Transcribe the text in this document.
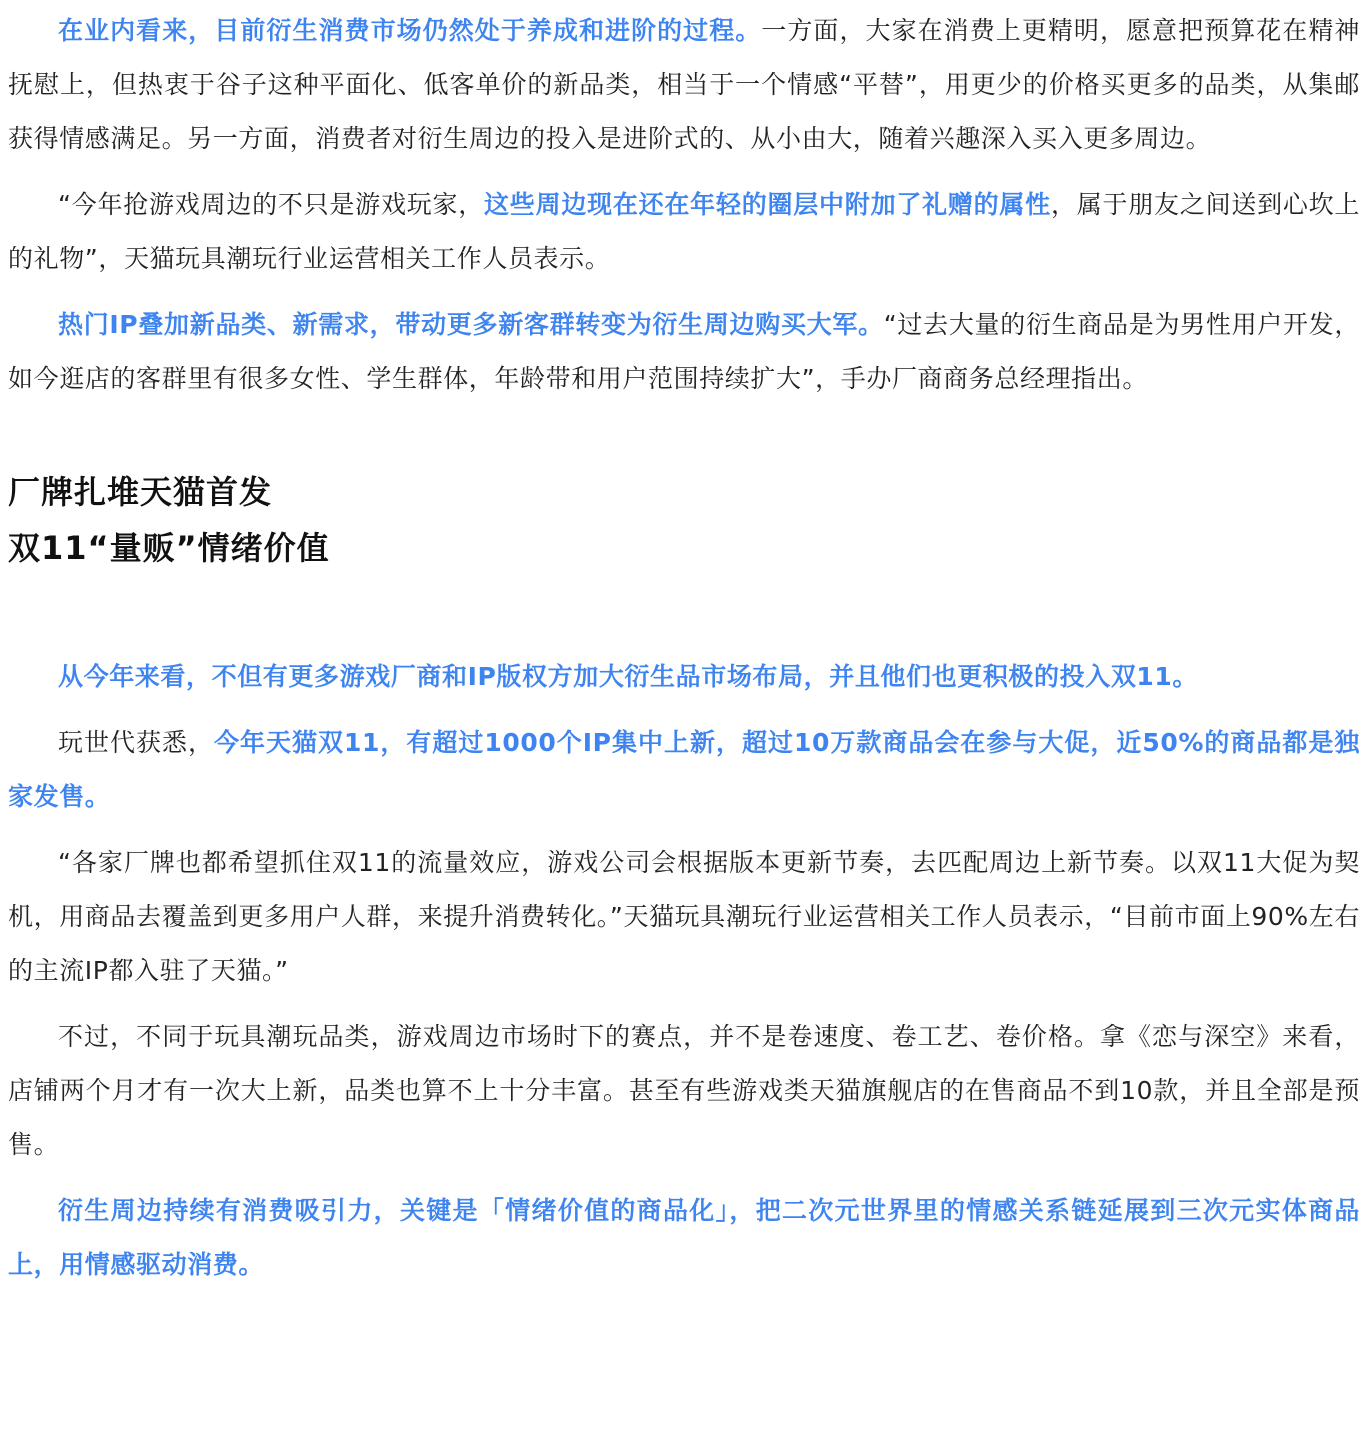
在业内看来，目前衍生消费市场仍然处于养成和进阶的过程。一方面，大家在消费上更精明，愿意把预算花在精神抚慰上，但热衷于谷子这种平面化、低客单价的新品类，相当于一个情感“平替”，用更少的价格买更多的品类，从集邮获得情感满足。另一方面，消费者对衍生周边的投入是进阶式的、从小由大，随着兴趣深入买入更多周边。

“今年抢游戏周边的不只是游戏玩家，这些周边现在还在年轻的圈层中附加了礼赠的属性，属于朋友之间送到心坎上的礼物”，天猫玩具潮玩行业运营相关工作人员表示。

热门IP叠加新品类、新需求，带动更多新客群转变为衍生周边购买大军。“过去大量的衍生商品是为男性用户开发，如今逛店的客群里有很多女性、学生群体，年龄带和用户范围持续扩大”，手办厂商商务总经理指出。

厂牌扎堆天猫首发
双11“量贩”情绪价值

从今年来看，不但有更多游戏厂商和IP版权方加大衍生品市场布局，并且他们也更积极的投入双11。

玩世代获悉，今年天猫双11，有超过1000个IP集中上新，超过10万款商品会在参与大促，近50%的商品都是独家发售。

“各家厂牌也都希望抓住双11的流量效应，游戏公司会根据版本更新节奏，去匹配周边上新节奏。以双11大促为契机，用商品去覆盖到更多用户人群，来提升消费转化。”天猫玩具潮玩行业运营相关工作人员表示，“目前市面上90%左右的主流IP都入驻了天猫。”

不过，不同于玩具潮玩品类，游戏周边市场时下的赛点，并不是卷速度、卷工艺、卷价格。拿《恋与深空》来看，店铺两个月才有一次大上新，品类也算不上十分丰富。甚至有些游戏类天猫旗舰店的在售商品不到10款，并且全部是预售。

衍生周边持续有消费吸引力，关键是「情绪价值的商品化」，把二次元世界里的情感关系链延展到三次元实体商品上，用情感驱动消费。
